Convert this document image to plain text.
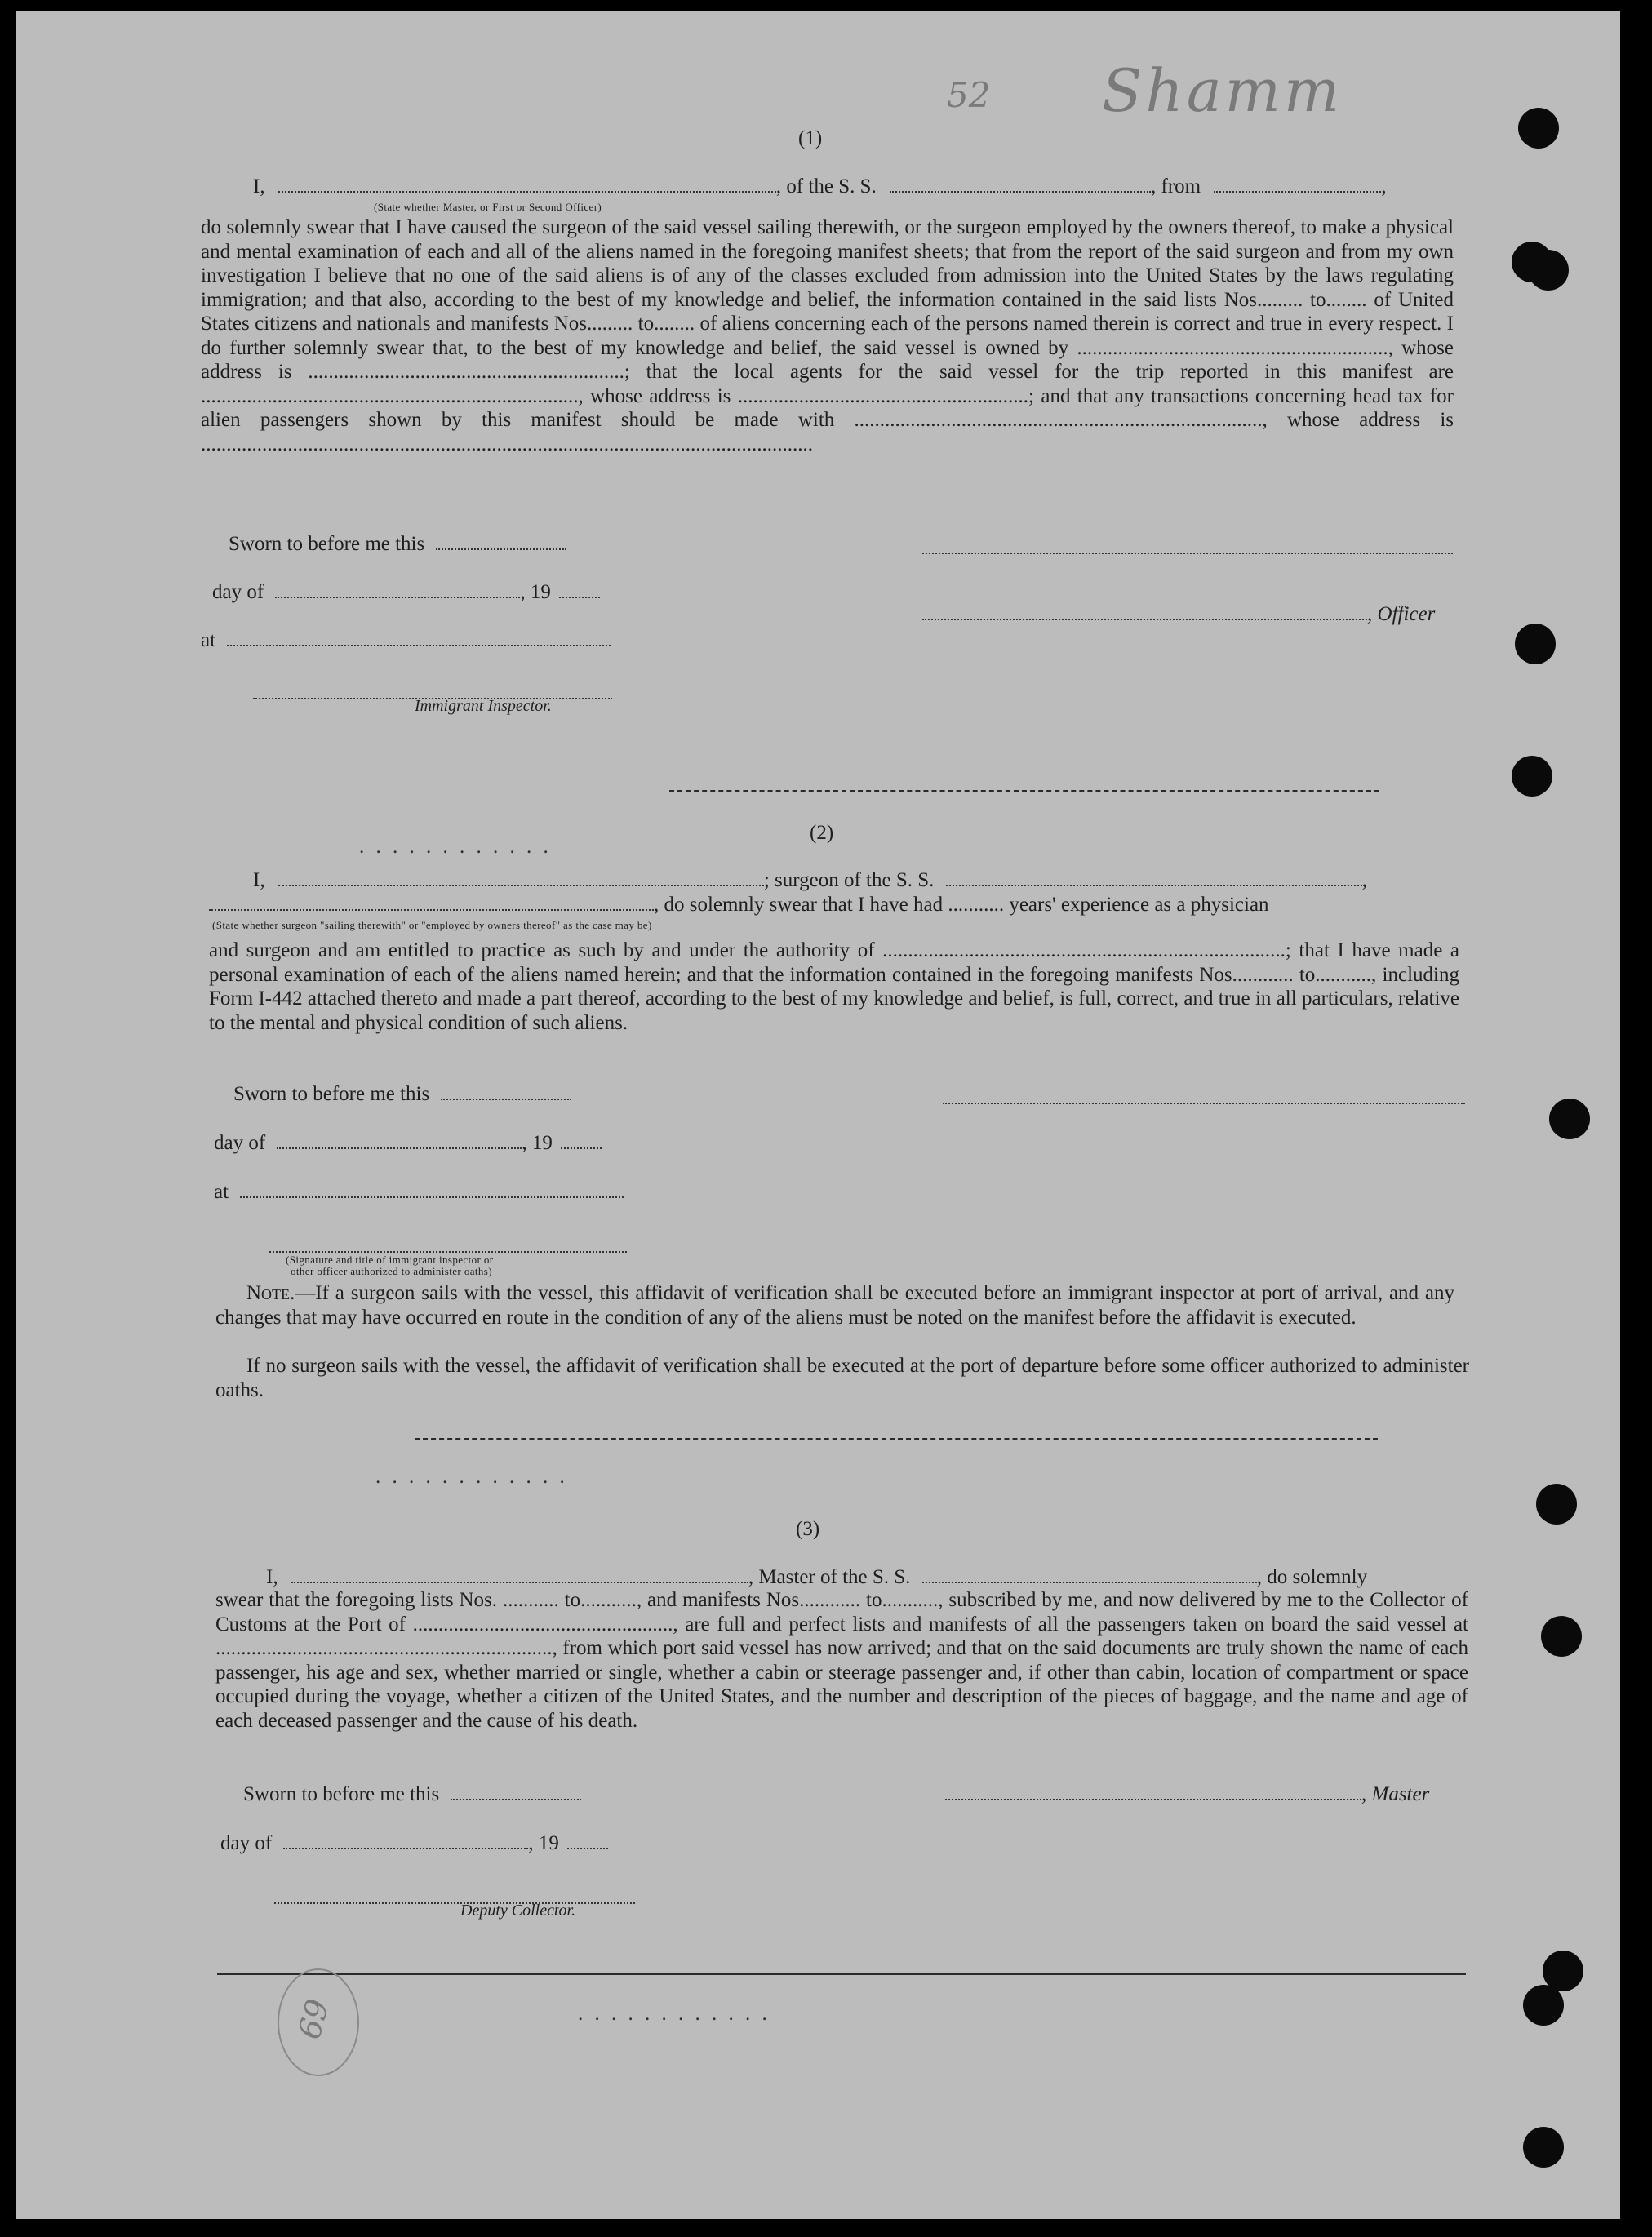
52 Shamm
(1)
I,	, of the S. S.	, from	,
(State whether Master, or First or Second Officer)
do solemnly swear that I have caused the surgeon of the said vessel sailing therewith, or the surgeon employed by the owners thereof, to make a physical and mental examination of each and all of the aliens named in the foregoing manifest sheets; that from the report of the said surgeon and from my own investigation I believe that no one of the said aliens is of any of the classes excluded from admission into the United States by the laws regulating immigration; and that also, according to the best of my knowledge and belief, the information contained in the said lists Nos......... to........ of United States citizens and nationals and manifests Nos......... to........ of aliens concerning each of the persons named therein is correct and true in every respect. I do further solemnly swear that, to the best of my knowledge and belief, the said vessel is owned by ............................................................., whose address is ..............................................................; that the local agents for the said vessel for the trip reported in this manifest are .........................................................................., whose address is .........................................................; and that any transactions concerning head tax for alien passengers shown by this manifest should be made with ................................................................................, whose address is ........................................................................................................................
Sworn to before me this
day of	, 19
at
Immigrant Inspector.
, Officer
(2)
I,	; surgeon of the S. S.	,
, do solemnly swear that I have had ........... years' experience as a physician
(State whether surgeon "sailing therewith" or "employed by owners thereof" as the case may be)
and surgeon and am entitled to practice as such by and under the authority of ...............................................................................; that I have made a personal examination of each of the aliens named herein; and that the information contained in the foregoing manifests Nos............ to..........., including Form I-442 attached thereto and made a part thereof, according to the best of my knowledge and belief, is full, correct, and true in all particulars, relative to the mental and physical condition of such aliens.
Sworn to before me this
day of	, 19
at
(Signature and title of immigrant inspector or
other officer authorized to administer oaths)
Note.—If a surgeon sails with the vessel, this affidavit of verification shall be executed before an immigrant inspector at port of arrival, and any changes that may have occurred en route in the condition of any of the aliens must be noted on the manifest before the affidavit is executed.
If no surgeon sails with the vessel, the affidavit of verification shall be executed at the port of departure before some officer authorized to administer oaths.
(3)
I,	, Master of the S. S.	, do solemnly
swear that the foregoing lists Nos. ........... to..........., and manifests Nos............ to..........., subscribed by me, and now delivered by me to the Collector of Customs at the Port of ..................................................., are full and perfect lists and manifests of all the passengers taken on board the said vessel at .................................................................., from which port said vessel has now arrived; and that on the said documents are truly shown the name of each passenger, his age and sex, whether married or single, whether a cabin or steerage passenger and, if other than cabin, location of compartment or space occupied during the voyage, whether a citizen of the United States, and the number and description of the pieces of baggage, and the name and age of each deceased passenger and the cause of his death.
Sworn to before me this	, Master
day of	, 19
Deputy Collector.
69
. . . . . . . . . . . .
. . . . . . . . . . . .
. . . . . . . . . . . .
